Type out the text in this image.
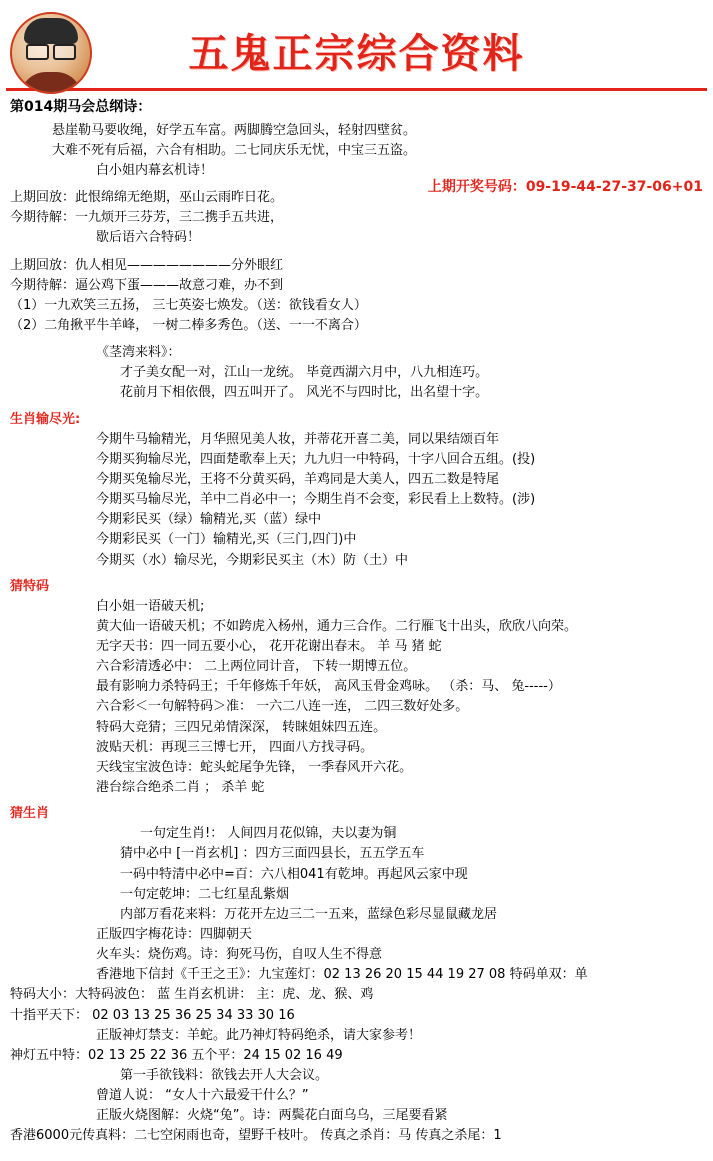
五鬼正宗综合资料
上期开奖号码：09-19-44-27-37-06+01
第014期马会总纲诗：

悬崖勒马要收绳，好学五车富。两脚腾空急回头，轻射四壁贫。

大难不死有后福，六合有相助。二七同庆乐无忧，中宝三五盗。

白小姐内幕玄机诗！

上期回放：此恨绵绵无绝期，巫山云雨昨日花。

今期待解：一九烦开三芬芳，三二携手五共进，

歇后语六合特码！

上期回放：仇人相见————————分外眼红

今期待解：逼公鸡下蛋———故意刁难，办不到

（1）一九欢笑三五扬， 三七英姿七焕发。（送：欲钱看女人）

（2）二角揪平牛羊峰， 一树二棒多秀色。（送、一一不离合）

《茎湾来料》：

才子美女配一对，江山一龙统。 毕竟西湖六月中，八九相连巧。

花前月下相依偎，四五叫开了。 风光不与四时比，出名望十字。

生肖输尽光:

今期牛马输精光，月华照见美人妆，并蒂花开喜二美，同以果结颂百年

今期买狗输尽光，四面楚歌奉上天；九九归一中特码，十字八回合五组。(投)

今期买兔输尽光，王将不分黄买码，羊鸡同是大美人，四五二数是特尾

今期买马输尽光，羊中二肖必中一；今期生肖不会变，彩民看上上数特。(涉)

今期彩民买（绿）输精光,买（蓝）绿中

今期彩民买（一门）输精光,买（三门,四门)中

今期买（水）输尽光，今期彩民买主（木）防（土）中

猜特码

白小姐一语破天机;

黄大仙一语破天机；不如跨虎入杨州，通力三合作。二行雁飞十出头，欣欣八向荣。

无字天书：四一同五要小心， 花开花谢出春末。 羊 马 猪 蛇

六合彩清透必中： 二上两位同计音， 下转一期博五位。

最有影响力杀特码王；千年修炼千年妖， 高风玉骨金鸡咏。 （杀：马、 兔-----）

六合彩＜一句解特码＞准： 一六二八连一连， 二四三数好处多。

特码大竞猜；三四兄弟情深深， 转睐姐妹四五连。

波贴天机：再现三三博七开， 四面八方找寻码。

天线宝宝波色诗：蛇头蛇尾争先锋， 一季春风开六花。

港台综合绝杀二肖 ； 杀羊 蛇

猜生肖

一句定生肖!： 人间四月花似锦，夫以妻为铜

猜中必中 [一肖玄机] ：四方三面四县长，五五学五车

一码中特清中必中=百：六八相041有乾坤。再起风云家中现

一句定乾坤：二七红星乱紫烟

内部万看花来料：万花开左边三二一五来，蓝绿色彩尽显鼠藏龙居

正版四字梅花诗：四脚朝天

火车头：烧伤鸡。诗：狗死马伤，自叹人生不得意

香港地下信封《千王之王》：九宝莲灯：02 13 26 20 15 44 19 27 08 特码单双：单

特码大小：大特码波色： 蓝 生肖玄机讲： 主：虎、龙、猴、鸡

十指平天下： 02 03 13 25 36 25 34 33 30 16

正版神灯禁支：羊蛇。此乃神灯特码绝杀，请大家参考！

神灯五中特：02 13 25 22 36 五个平：24 15 02 16 49

第一手欲钱料：欲钱去开人大会议。

曾道人说： “女人十六最爱干什么？”

正版火烧图解：火烧“兔”。诗：两鬓花白面乌乌，三尾要看紧

香港6000元传真料：二七空闲雨也奇，望野千枝叶。 传真之杀肖：马 传真之杀尾：1
